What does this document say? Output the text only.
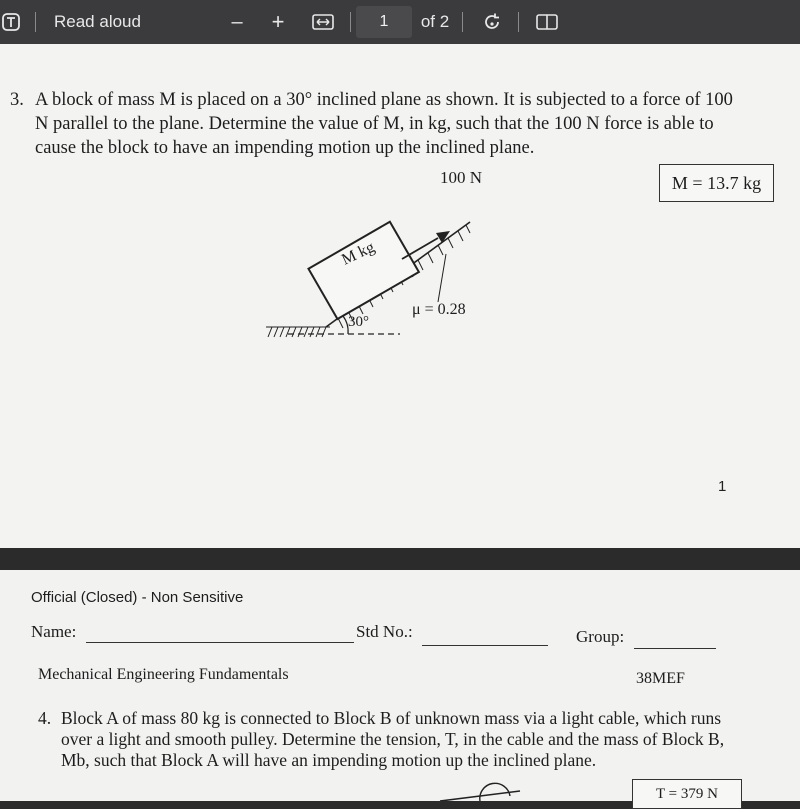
Read aloud	– +
1	of 2
3. A block of mass M is placed on a 30° inclined plane as shown. It is subjected to a force of 100 N parallel to the plane. Determine the value of M, in kg, such that the 100 N force is able to cause the block to have an impending motion up the inclined plane.
M = 13.7 kg
100 N
M kg
30°
μ = 0.28
1
Official (Closed) - Non Sensitive
Name:	Std No.:	Group:
Mechanical Engineering Fundamentals	38MEF
4. Block A of mass 80 kg is connected to Block B of unknown mass via a light cable, which runs over a light and smooth pulley. Determine the tension, T, in the cable and the mass of Block B, Mb, such that Block A will have an impending motion up the inclined plane.
T = 379 N
